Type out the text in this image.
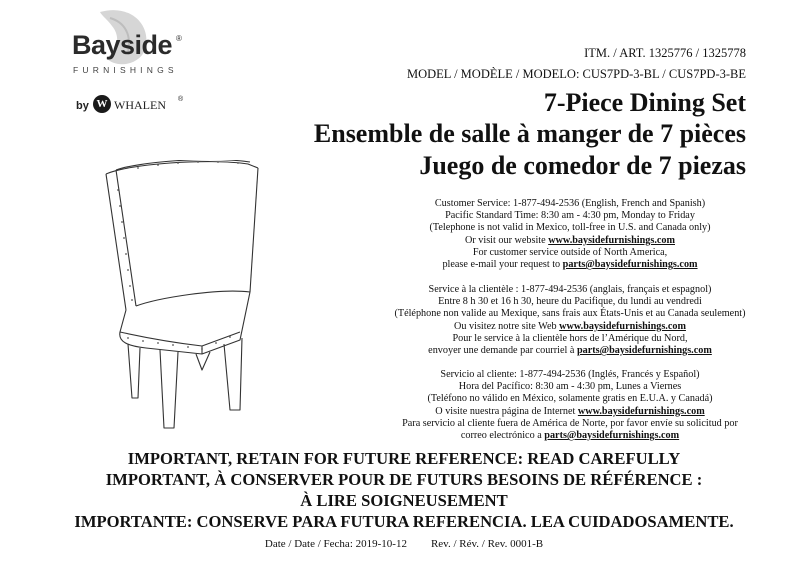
Bayside ®
FURNISHINGS
by W WHALEN ®
ITM. / ART. 1325776 / 1325778
MODEL / MODÈLE / MODELO: CUS7PD-3-BL / CUS7PD-3-BE
7-Piece Dining Set
Ensemble de salle à manger de 7 pièces
Juego de comedor de 7 piezas
Customer Service: 1-877-494-2536 (English, French and Spanish)
Pacific Standard Time: 8:30 am - 4:30 pm, Monday to Friday
(Telephone is not valid in Mexico, toll-free in U.S. and Canada only)
Or visit our website www.baysidefurnishings.com
For customer service outside of North America,
please e-mail your request to parts@baysidefurnishings.com
Service à la clientèle : 1-877-494-2536 (anglais, français et espagnol)
Entre 8 h 30 et 16 h 30, heure du Pacifique, du lundi au vendredi
(Téléphone non valide au Mexique, sans frais aux États-Unis et au Canada seulement)
Ou visitez notre site Web www.baysidefurnishings.com
Pour le service à la clientèle hors de l’Amérique du Nord,
envoyer une demande par courriel à parts@baysidefurnishings.com
Servicio al cliente: 1-877-494-2536 (Inglés, Francés y Español)
Hora del Pacífico: 8:30 am - 4:30 pm, Lunes a Viernes
(Teléfono no válido en México, solamente gratis en E.U.A. y Canadá)
O visite nuestra página de Internet www.baysidefurnishings.com
Para servicio al cliente fuera de América de Norte, por favor envíe su solicitud por
correo electrónico a parts@baysidefurnishings.com
IMPORTANT, RETAIN FOR FUTURE REFERENCE: READ CAREFULLY
IMPORTANT, À CONSERVER POUR DE FUTURS BESOINS DE RÉFÉRENCE :
À LIRE SOIGNEUSEMENT
IMPORTANTE: CONSERVE PARA FUTURA REFERENCIA. LEA CUIDADOSAMENTE.
Date / Date / Fecha: 2019-10-12 Rev. / Rév. / Rev. 0001-B
